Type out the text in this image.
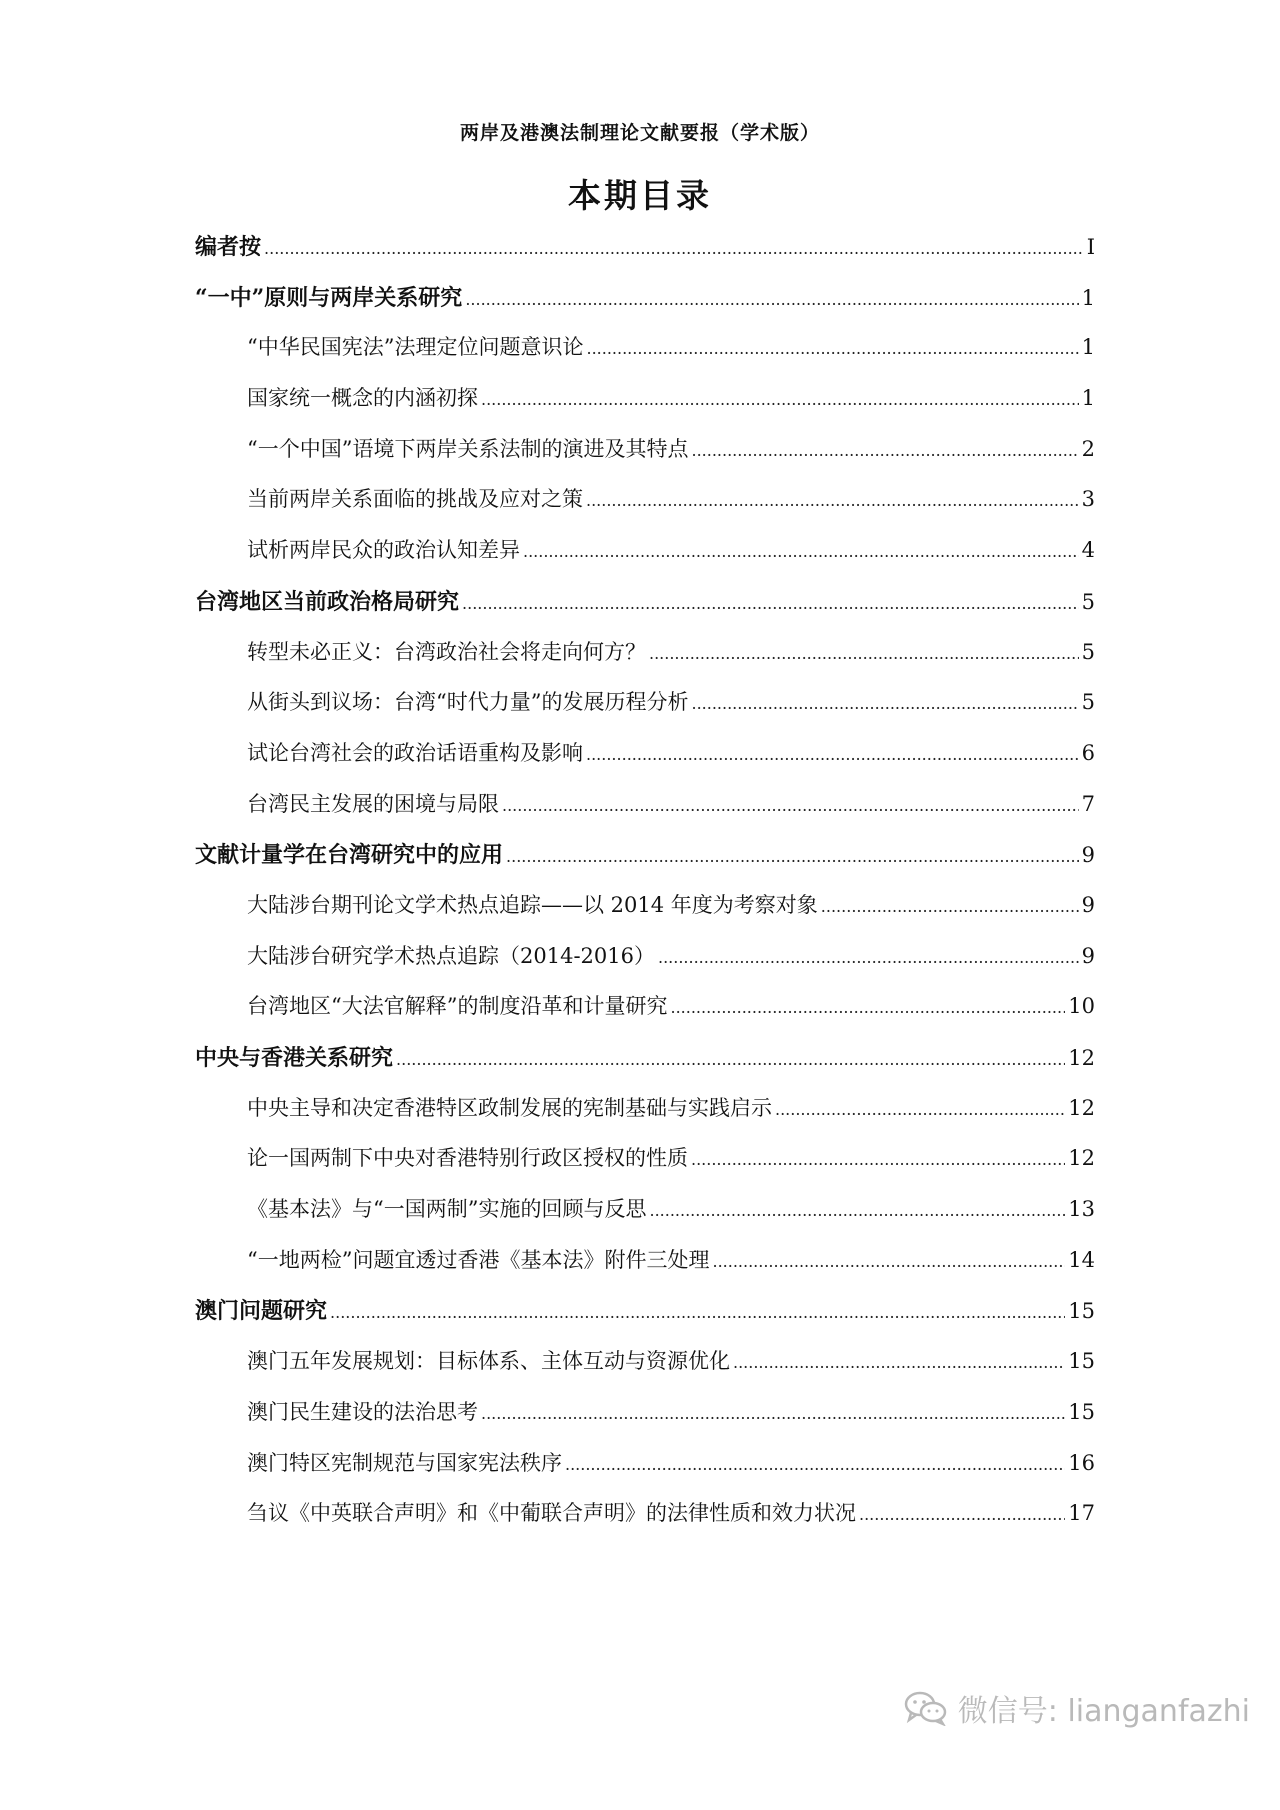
两岸及港澳法制理论文献要报（学术版）
本期目录
编者按 .....	I
“一中”原则与两岸关系研究 .....	1
“中华民国宪法”法理定位问题意识论 .....	1
国家统一概念的内涵初探 .....	1
“一个中国”语境下两岸关系法制的演进及其特点 .....	2
当前两岸关系面临的挑战及应对之策 .....	3
试析两岸民众的政治认知差异 .....	4
台湾地区当前政治格局研究 .....	5
转型未必正义：台湾政治社会将走向何方？ .....	5
从街头到议场：台湾“时代力量”的发展历程分析 .....	5
试论台湾社会的政治话语重构及影响 .....	6
台湾民主发展的困境与局限 .....	7
文献计量学在台湾研究中的应用 .....	9
大陆涉台期刊论文学术热点追踪——以 2014 年度为考察对象 .....	9
大陆涉台研究学术热点追踪（2014-2016） .....	9
台湾地区“大法官解释”的制度沿革和计量研究 .....	10
中央与香港关系研究 .....	12
中央主导和决定香港特区政制发展的宪制基础与实践启示 .....	12
论一国两制下中央对香港特别行政区授权的性质 .....	12
《基本法》与“一国两制”实施的回顾与反思 .....	13
“一地两检”问题宜透过香港《基本法》附件三处理 .....	14
澳门问题研究 .....	15
澳门五年发展规划：目标体系、主体互动与资源优化 .....	15
澳门民生建设的法治思考 .....	15
澳门特区宪制规范与国家宪法秩序 .....	16
刍议《中英联合声明》和《中葡联合声明》的法律性质和效力状况 .....	17
微信号: lianganfazhi
